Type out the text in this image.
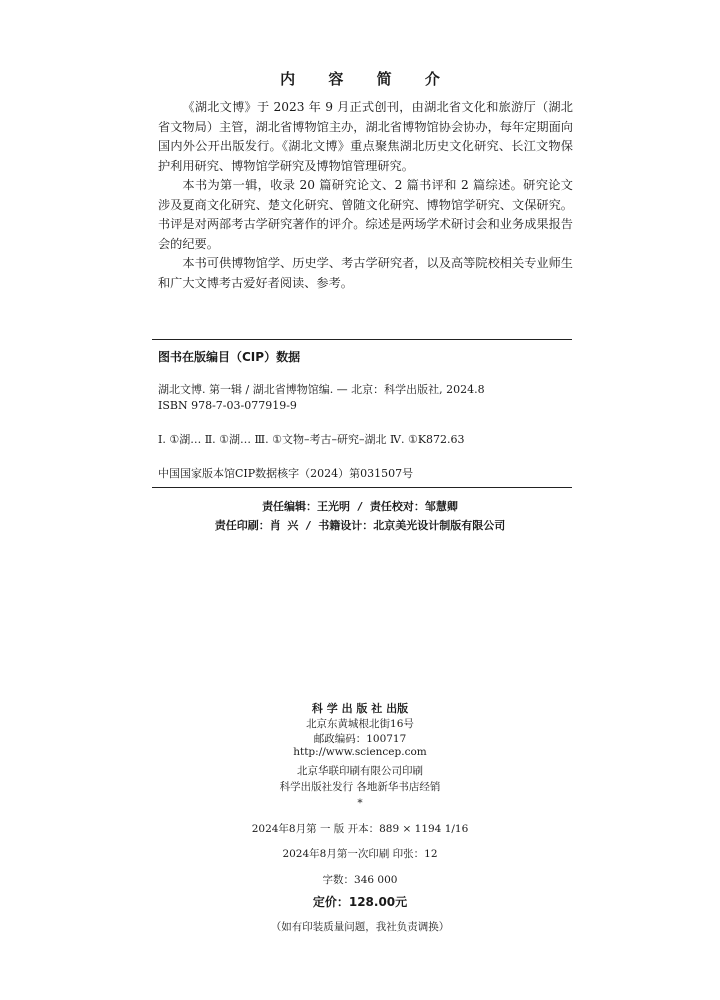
内 容 简 介

《湖北文博》于 2023 年 9 月正式创刊，由湖北省文化和旅游厅（湖北省文物局）主管，湖北省博物馆主办，湖北省博物馆协会协办，每年定期面向国内外公开出版发行。《湖北文博》重点聚焦湖北历史文化研究、长江文物保护利用研究、博物馆学研究及博物馆管理研究。

本书为第一辑，收录 20 篇研究论文、2 篇书评和 2 篇综述。研究论文涉及夏商文化研究、楚文化研究、曾随文化研究、博物馆学研究、文保研究。书评是对两部考古学研究著作的评介。综述是两场学术研讨会和业务成果报告会的纪要。

本书可供博物馆学、历史学、考古学研究者，以及高等院校相关专业师生和广大文博考古爱好者阅读、参考。

图书在版编目（CIP）数据
湖北文博. 第一辑 / 湖北省博物馆编. — 北京：科学出版社, 2024.8
ISBN 978-7-03-077919-9
Ⅰ. ①湖… Ⅱ. ①湖… Ⅲ. ①文物–考古–研究–湖北 Ⅳ. ①K872.63
中国国家版本馆CIP数据核字（2024）第031507号
责任编辑：王光明 / 责任校对：邹慧卿
责任印刷：肖 兴 / 书籍设计：北京美光设计制版有限公司
科 学 出 版 社 出版
北京东黄城根北街16号
邮政编码：100717
http://www.sciencep.com
北京华联印刷有限公司印刷
科学出版社发行 各地新华书店经销
*
2024年8月第 一 版 开本：889 × 1194 1/16
2024年8月第一次印刷 印张：12
字数：346 000
定价：128.00元
（如有印装质量问题，我社负责调换）
